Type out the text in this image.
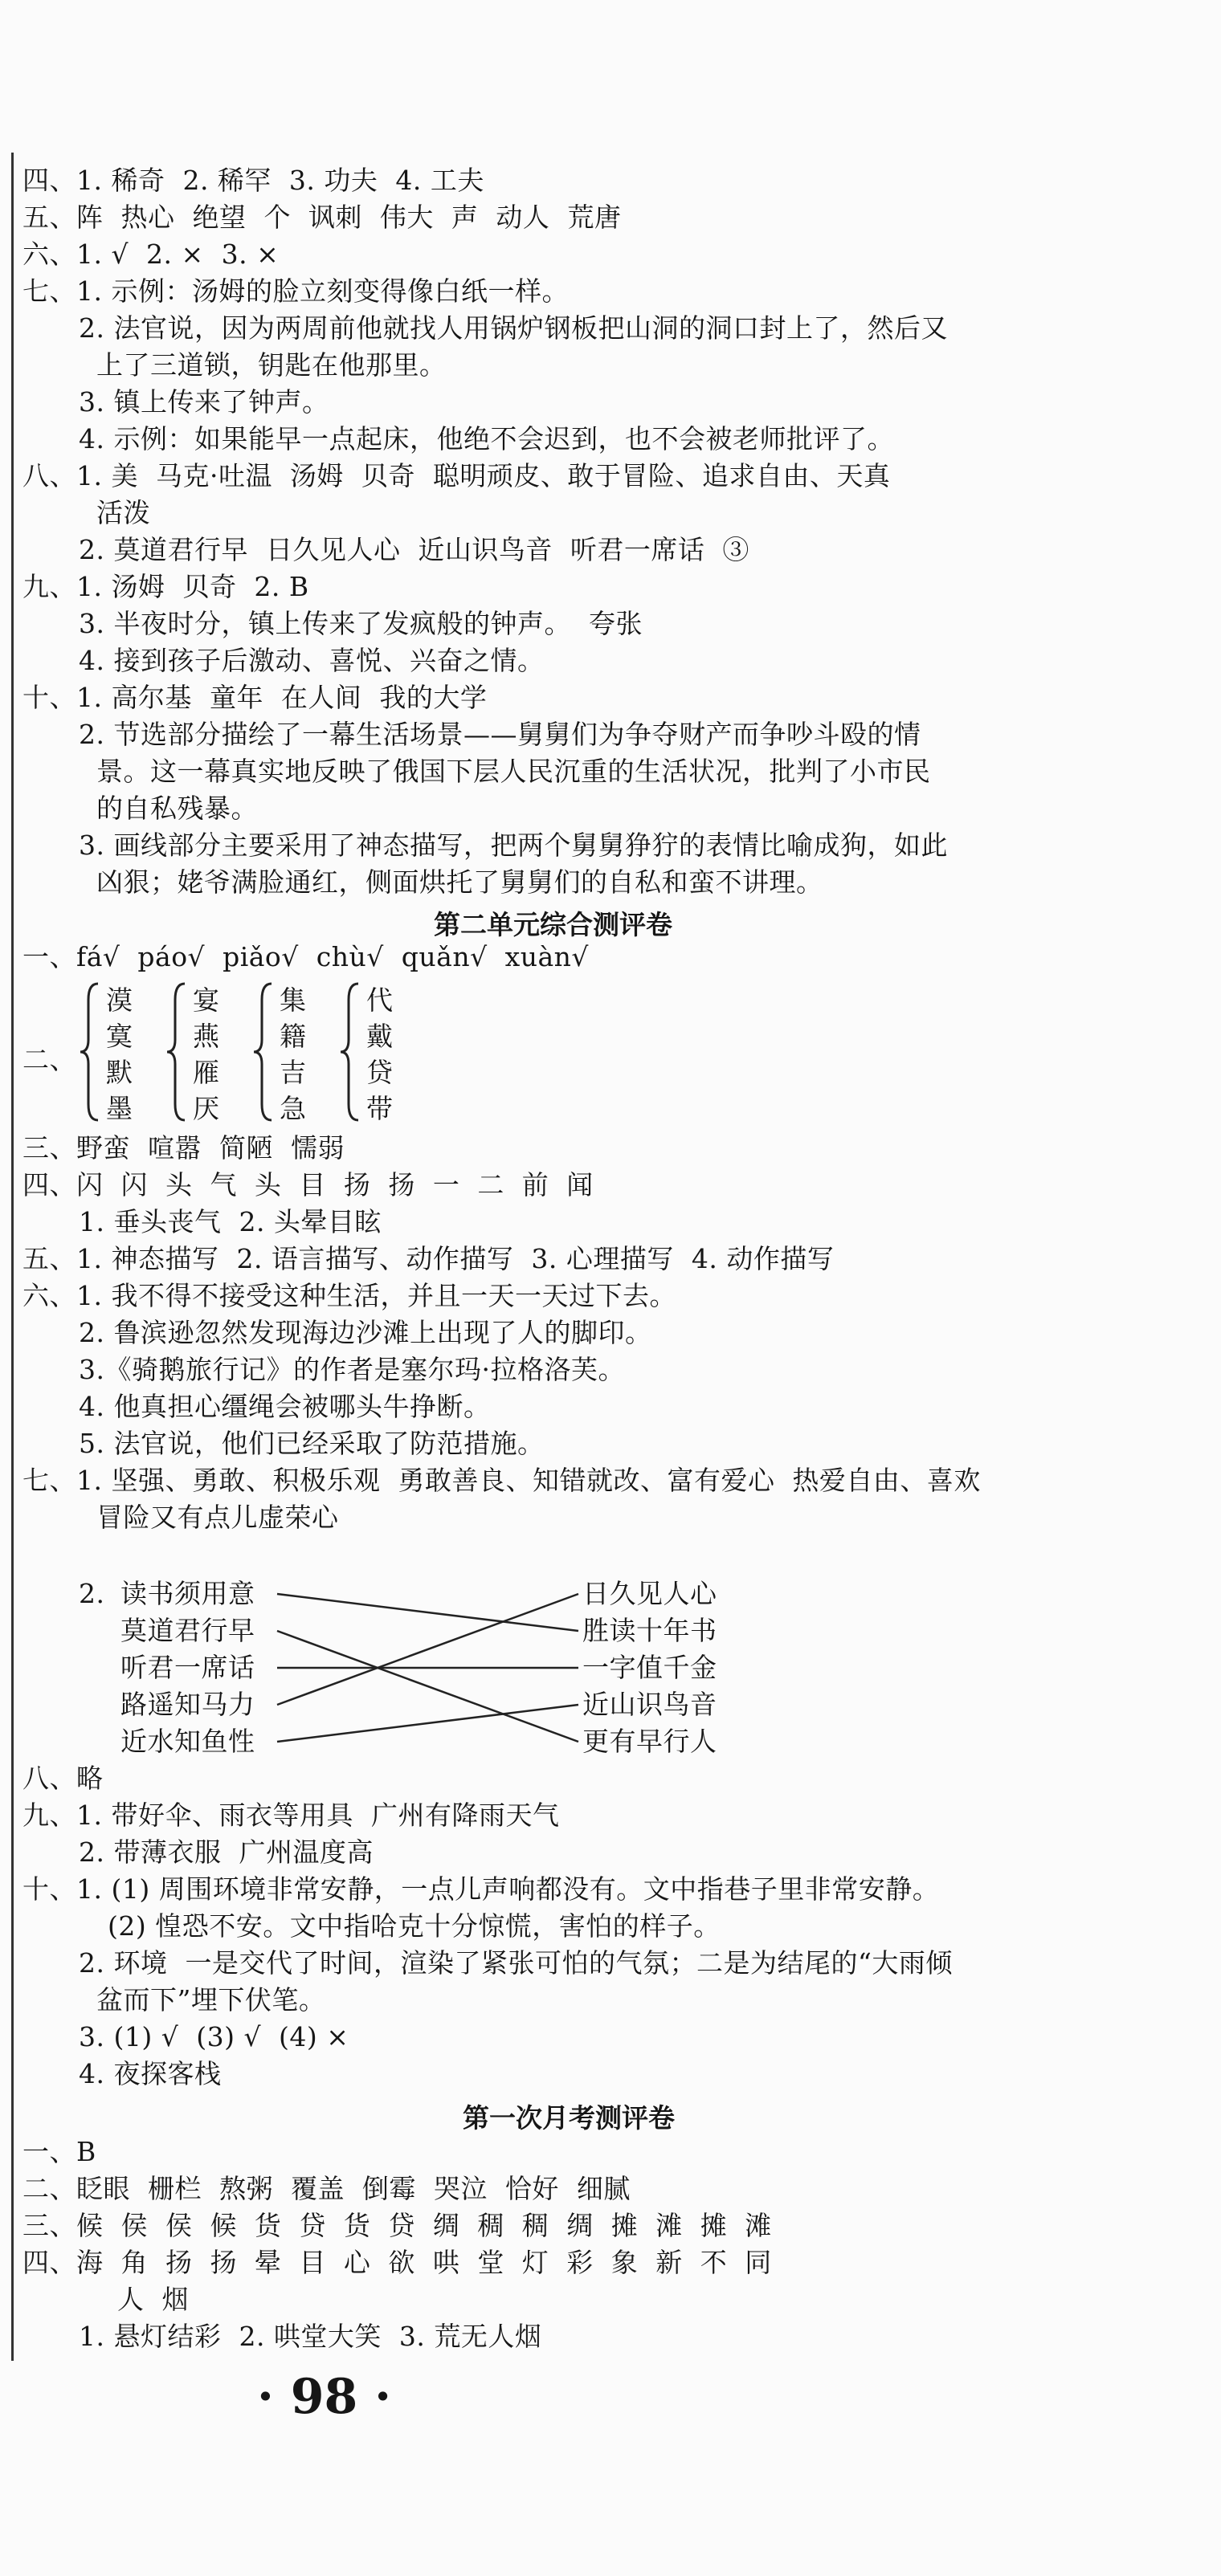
四、1. 稀奇  2. 稀罕  3. 功夫  4. 工夫
五、阵  热心  绝望  个  讽刺  伟大  声  动人  荒唐
六、1. √  2. ×  3. ×
七、1. 示例：汤姆的脸立刻变得像白纸一样。
2. 法官说，因为两周前他就找人用锅炉钢板把山洞的洞口封上了，然后又
上了三道锁，钥匙在他那里。
3. 镇上传来了钟声。
4. 示例：如果能早一点起床，他绝不会迟到，也不会被老师批评了。
八、1. 美  马克·吐温  汤姆  贝奇  聪明顽皮、敢于冒险、追求自由、天真
活泼
2. 莫道君行早  日久见人心  近山识鸟音  听君一席话  ③
九、1. 汤姆  贝奇  2. B
3. 半夜时分，镇上传来了发疯般的钟声。  夸张
4. 接到孩子后激动、喜悦、兴奋之情。
十、1. 高尔基  童年  在人间  我的大学
2. 节选部分描绘了一幕生活场景——舅舅们为争夺财产而争吵斗殴的情
景。这一幕真实地反映了俄国下层人民沉重的生活状况，批判了小市民
的自私残暴。
3. 画线部分主要采用了神态描写，把两个舅舅狰狞的表情比喻成狗，如此
凶狠；姥爷满脸通红，侧面烘托了舅舅们的自私和蛮不讲理。
第二单元综合测评卷
一、fá√  páo√  piǎo√  chù√  quǎn√  xuàn√
二、
漠
寞
默
墨
宴
燕
雁
厌
集
籍
吉
急
代
戴
贷
带
三、野蛮  喧嚣  简陋  懦弱
四、闪  闪  头  气  头  目  扬  扬  一  二  前  闻
1. 垂头丧气  2. 头晕目眩
五、1. 神态描写  2. 语言描写、动作描写  3. 心理描写  4. 动作描写
六、1. 我不得不接受这种生活，并且一天一天过下去。
2. 鲁滨逊忽然发现海边沙滩上出现了人的脚印。
3.《骑鹅旅行记》的作者是塞尔玛·拉格洛芙。
4. 他真担心缰绳会被哪头牛挣断。
5. 法官说，他们已经采取了防范措施。
七、1. 坚强、勇敢、积极乐观  勇敢善良、知错就改、富有爱心  热爱自由、喜欢
冒险又有点儿虚荣心
2. 读书须用意
莫道君行早
听君一席话
路遥知马力
近水知鱼性
日久见人心
胜读十年书
一字值千金
近山识鸟音
更有早行人
八、略
九、1. 带好伞、雨衣等用具  广州有降雨天气
2. 带薄衣服  广州温度高
十、1. (1) 周围环境非常安静，一点儿声响都没有。文中指巷子里非常安静。
(2) 惶恐不安。文中指哈克十分惊慌，害怕的样子。
2. 环境  一是交代了时间，渲染了紧张可怕的气氛；二是为结尾的“大雨倾
盆而下”埋下伏笔。
3. (1) √  (3) √  (4) ×
4. 夜探客栈
第一次月考测评卷
一、B
二、眨眼  栅栏  熬粥  覆盖  倒霉  哭泣  恰好  细腻
三、候  侯  侯  候  货  贷  货  贷  绸  稠  稠  绸  摊  滩  摊  滩
四、海  角  扬  扬  晕  目  心  欲  哄  堂  灯  彩  象  新  不  同
人  烟
1. 悬灯结彩  2. 哄堂大笑  3. 荒无人烟
· 98 ·
